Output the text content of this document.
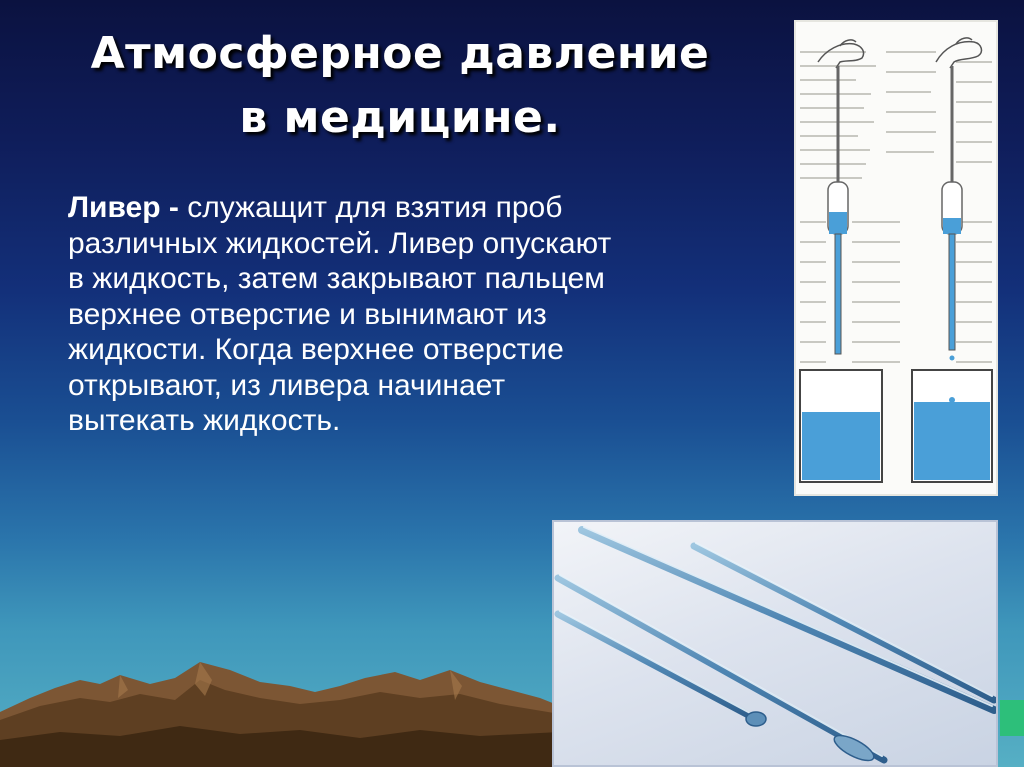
Атмосферное давление
в медицине.
Ливер - служащит для взятия проб различных жидкостей. Ливер опускают в жидкость, затем закрывают пальцем верхнее отверстие и вынимают из жидкости. Когда верхнее отверстие открывают, из ливера начинает вытекать жидкость.
